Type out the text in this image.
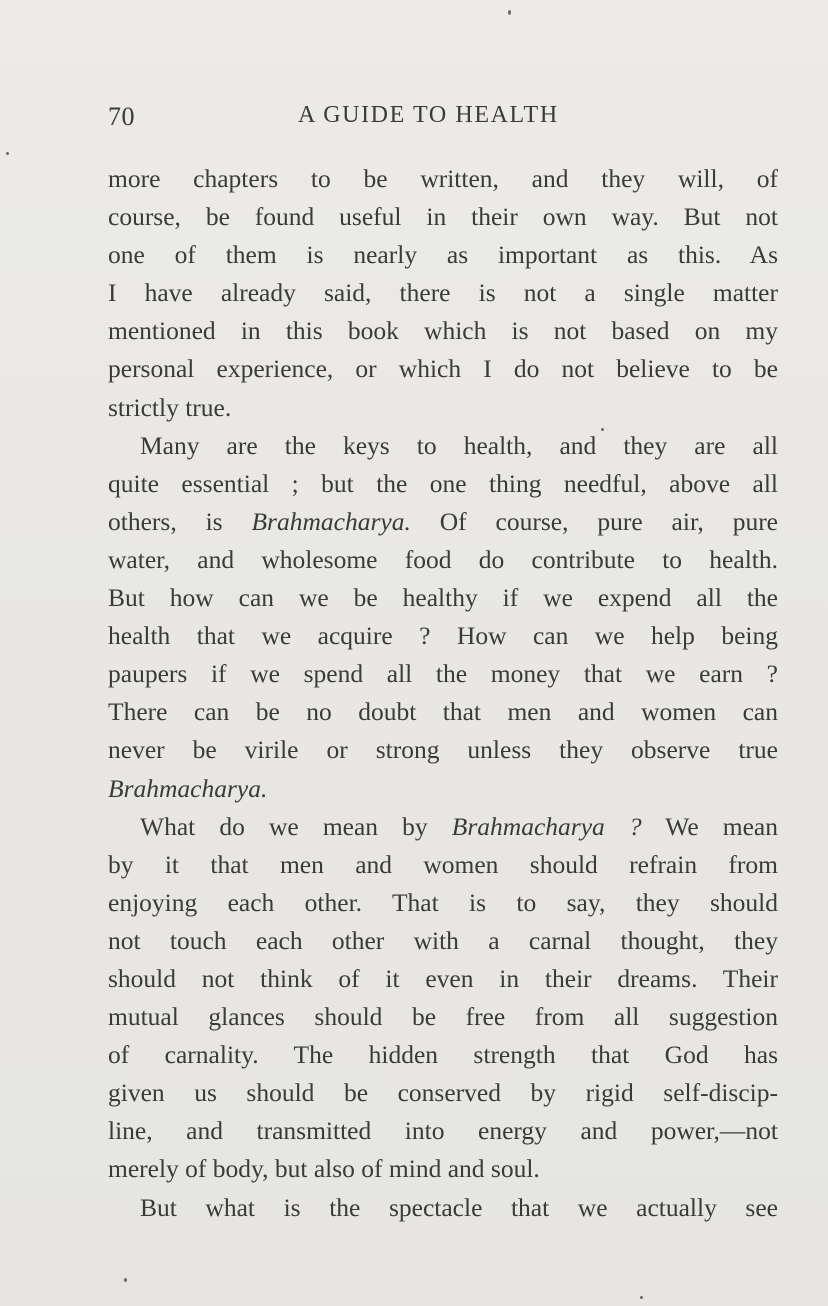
70	A GUIDE TO HEALTH
more chapters to be written, and they will, of
course, be found useful in their own way. But not
one of them is nearly as important as this. As
I have already said, there is not a single matter
mentioned in this book which is not based on my
personal experience, or which I do not believe to be
strictly true.
Many are the keys to health, and they are all
quite essential ; but the one thing needful, above all
others, is Brahmacharya. Of course, pure air, pure
water, and wholesome food do contribute to health.
But how can we be healthy if we expend all the
health that we acquire ? How can we help being
paupers if we spend all the money that we earn ?
There can be no doubt that men and women can
never be virile or strong unless they observe true
Brahmacharya.
What do we mean by Brahmacharya ? We mean
by it that men and women should refrain from
enjoying each other. That is to say, they should
not touch each other with a carnal thought, they
should not think of it even in their dreams. Their
mutual glances should be free from all suggestion
of carnality. The hidden strength that God has
given us should be conserved by rigid self-discip-
line, and transmitted into energy and power,—not
merely of body, but also of mind and soul.
But what is the spectacle that we actually see
